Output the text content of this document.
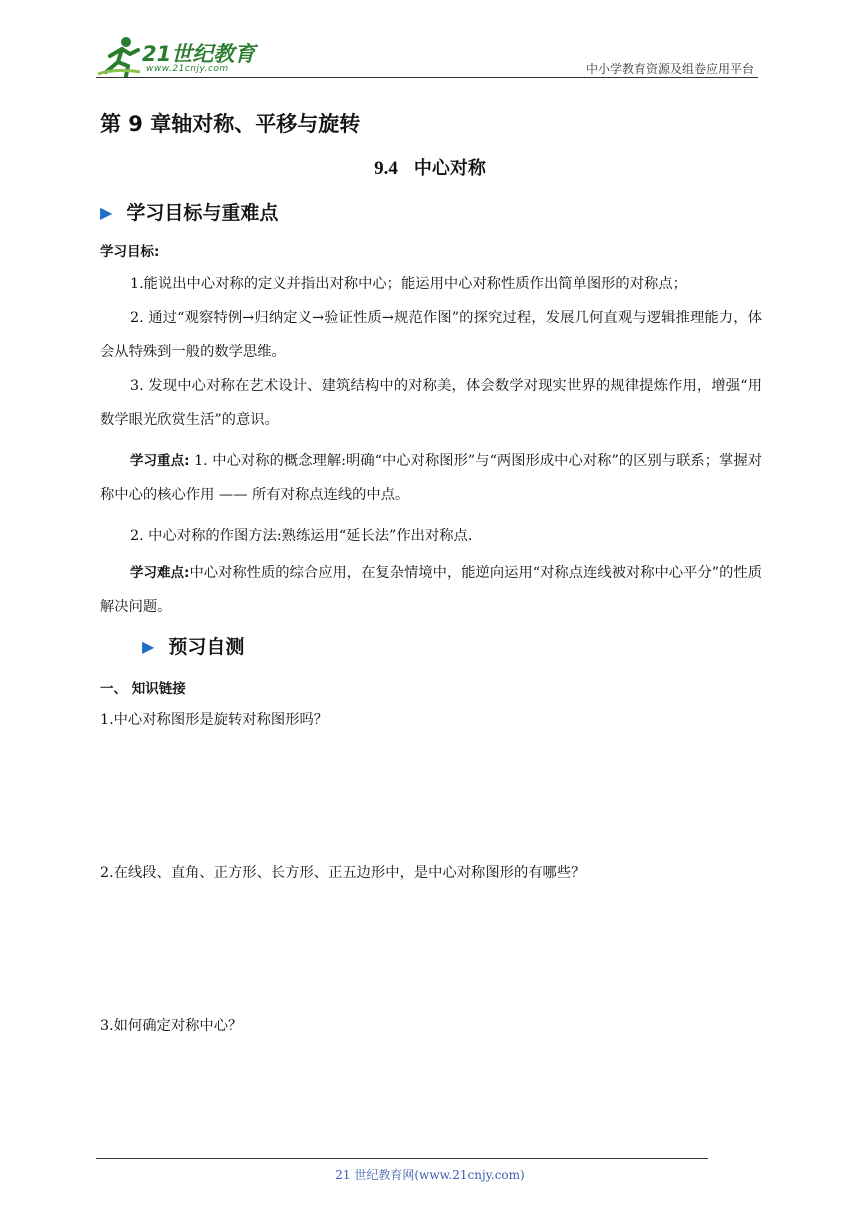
21世纪教育
www.21cnjy.com	中小学教育资源及组卷应用平台
第 9 章轴对称、平移与旋转
9.4 中心对称
▶ 学习目标与重难点
学习目标:
1.能说出中心对称的定义并指出对称中心；能运用中心对称性质作出简单图形的对称点；
2. 通过“观察特例→归纳定义→验证性质→规范作图”的探究过程，发展几何直观与逻辑推理能力，体会从特殊到一般的数学思维。
3. 发现中心对称在艺术设计、建筑结构中的对称美，体会数学对现实世界的规律提炼作用，增强“用数学眼光欣赏生活”的意识。
学习重点: 1. 中心对称的概念理解:明确“中心对称图形”与“两图形成中心对称”的区别与联系；掌握对称中心的核心作用 —— 所有对称点连线的中点。
2. 中心对称的作图方法:熟练运用“延长法”作出对称点.
学习难点:中心对称性质的综合应用，在复杂情境中，能逆向运用“对称点连线被对称中心平分”的性质解决问题。
▶ 预习自测
一、 知识链接
1.中心对称图形是旋转对称图形吗？
2.在线段、直角、正方形、长方形、正五边形中，是中心对称图形的有哪些？
3.如何确定对称中心？
21 世纪教育网(www.21cnjy.com)
